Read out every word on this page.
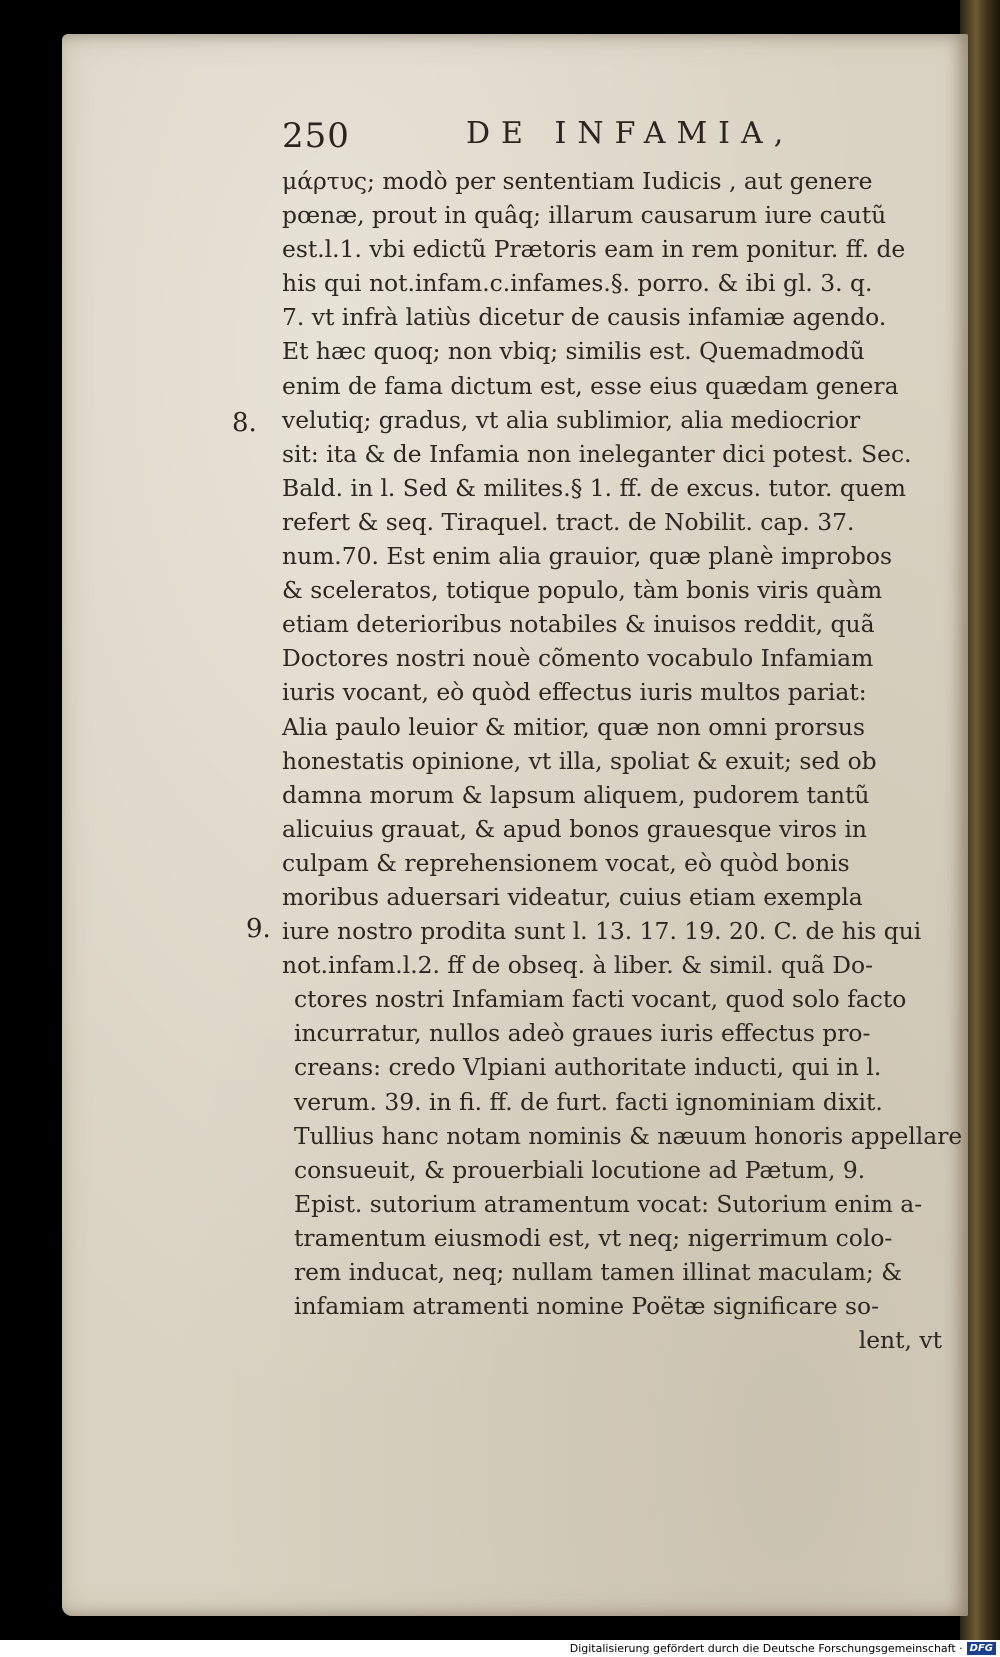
250	DE INFAMIA,
8.
9.
μάρτυς; modò per sententiam Iudicis , aut genere
pœnæ, prout in quâq; illarum causarum iure cautũ
est.l.1. vbi edictũ Prætoris eam in rem ponitur. ff. de
his qui not.infam.c.infames.§. porro. & ibi gl. 3. q.
7. vt infrà latiùs dicetur de causis infamiæ agendo.
Et hæc quoq; non vbiq; similis est. Quemadmodũ
enim de fama dictum est, esse eius quædam genera
velutiq; gradus, vt alia sublimior, alia mediocrior
sit: ita & de Infamia non ineleganter dici potest. Sec.
Bald. in l. Sed & milites.§ 1. ff. de excus. tutor. quem
refert & seq. Tiraquel. tract. de Nobilit. cap. 37.
num.70. Est enim alia grauior, quæ planè improbos
& sceleratos, totique populo, tàm bonis viris quàm
etiam deterioribus notabiles & inuisos reddit, quã
Doctores nostri nouè cõmento vocabulo Infamiam
iuris vocant, eò quòd effectus iuris multos pariat:
Alia paulo leuior & mitior, quæ non omni prorsus
honestatis opinione, vt illa, spoliat & exuit; sed ob
damna morum & lapsum aliquem, pudorem tantũ
alicuius grauat, & apud bonos grauesque viros in
culpam & reprehensionem vocat, eò quòd bonis
moribus aduersari videatur, cuius etiam exempla
iure nostro prodita sunt l. 13. 17. 19. 20. C. de his qui
not.infam.l.2. ff de obseq. à liber. & simil. quã Do-
ctores nostri Infamiam facti vocant, quod solo facto
incurratur, nullos adeò graues iuris effectus pro-
creans: credo Vlpiani authoritate inducti, qui in l.
verum. 39. in fi. ff. de furt. facti ignominiam dixit.
Tullius hanc notam nominis & næuum honoris appellare
consueuit, & prouerbiali locutione ad Pætum, 9.
Epist. sutorium atramentum vocat: Sutorium enim a-
tramentum eiusmodi est, vt neq; nigerrimum colo-
rem inducat, neq; nullam tamen illinat maculam; &
infamiam atramenti nomine Poëtæ significare so-
lent, vt
Digitalisierung gefördert durch die Deutsche Forschungsgemeinschaft · DFG
